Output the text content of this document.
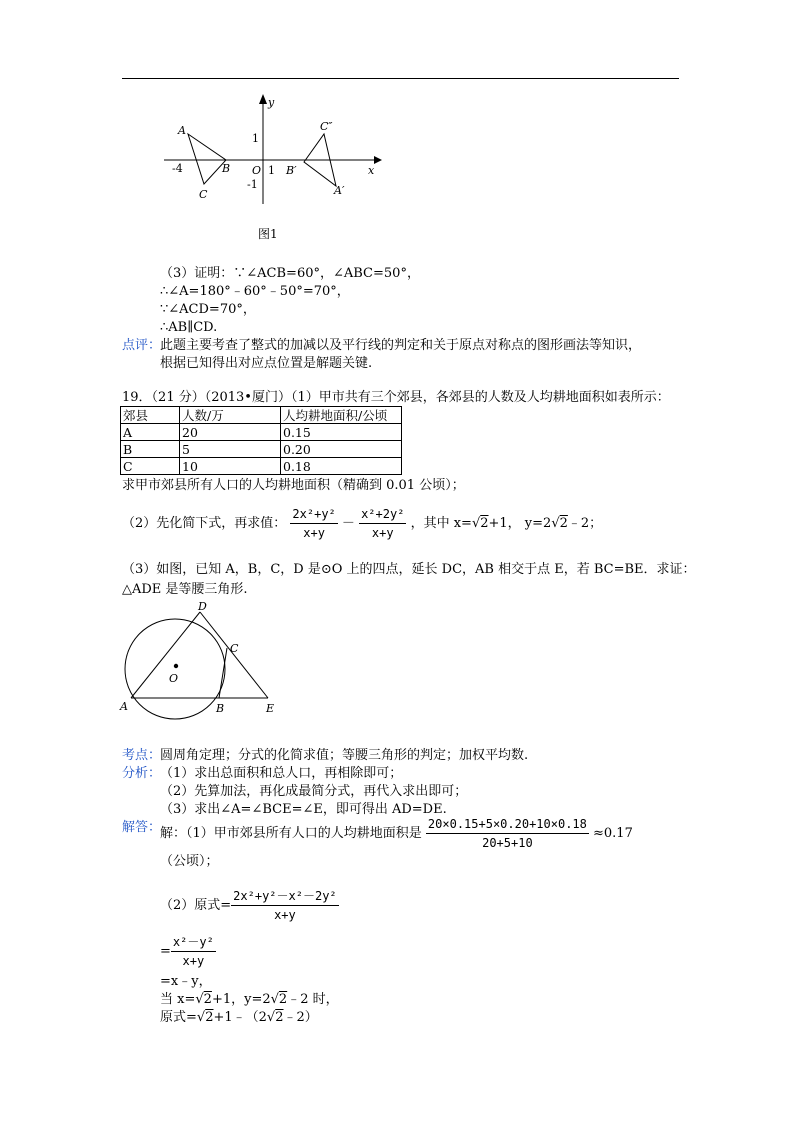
y
x
O
1
-1
-4	1
A
B
C
B′
C″
A′
图1
（3）证明：∵∠ACB=60°，∠ABC=50°，
∴∠A=180°﹣60°﹣50°=70°，
∵∠ACD=70°，
∴AB∥CD.
点评：
此题主要考查了整式的加减以及平行线的判定和关于原点对称点的图形画法等知识，
根据已知得出对应点位置是解题关键.
19．（21 分）（2013•厦门）（1）甲市共有三个郊县，各郊县的人数及人均耕地面积如表所示：
郊县	人数/万	人均耕地面积/公顷
A	20	0.15
B	5	0.20
C	10	0.18
求甲市郊县所有人口的人均耕地面积（精确到 0.01 公顷）；
（2）先化简下式，再求值： $\frac{\text{2x²+y²}}{x+y} - \frac{\text{x²+2y²}}{x+y}$ ，其中 x=√2+1， y=2√2﹣2；
（3）如图，已知 A，B，C，D 是⊙O 上的四点，延长 DC，AB 相交于点 E，若 BC=BE．求证：
△ADE 是等腰三角形.
O
D
C
A	B	E
考点：
圆周角定理；分式的化简求值；等腰三角形的判定；加权平均数.
分析：
（1）求出总面积和总人口，再相除即可；
（2）先算加法，再化成最简分式，再代入求出即可；
（3）求出∠A=∠BCE=∠E，即可得出 AD=DE.
解答：
解：（1）甲市郊县所有人口的人均耕地面积是 $\frac{20\times 0.15+5\times 0.20+10\times 0.18}{20+5+10} \approx 0.17$
（公顷）；
（2）原式= $\frac{\text{2x²+y²－x²－2y²}}{x+y}$
= $\frac{\text{x²－y²}}{x+y}$
=x﹣y，
当 x=√2+1，y=2√2﹣2 时，
原式=√2+1﹣（2√2﹣2）
